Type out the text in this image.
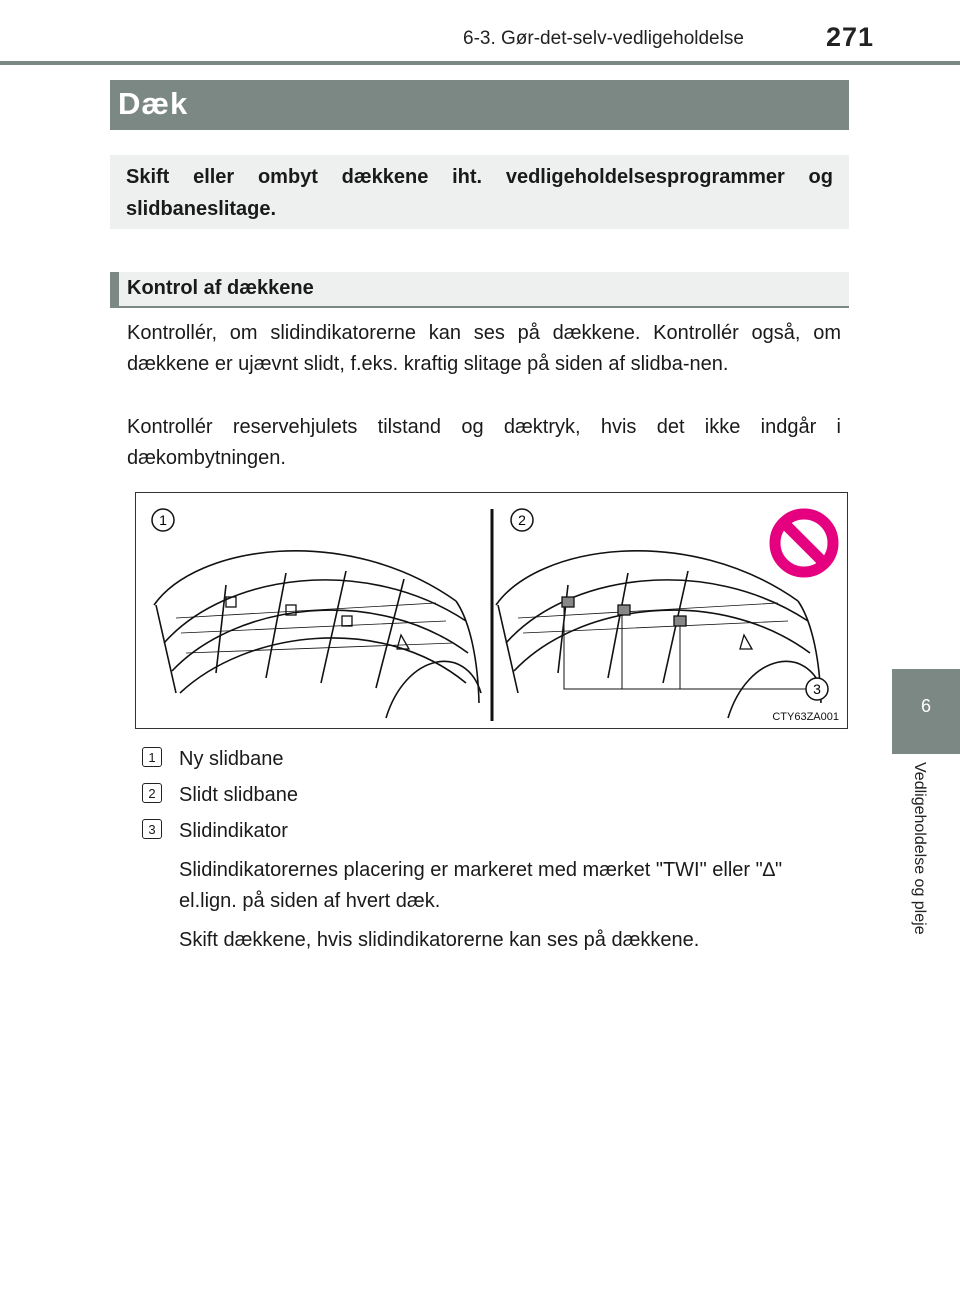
6-3. Gør-det-selv-vedligeholdelse	271
Dæk
Skift eller ombyt dækkene iht. vedligeholdelsesprogrammer og slidbaneslitage.
Kontrol af dækkene

Kontrollér, om slidindikatorerne kan ses på dækkene. Kontrollér også, om dækkene er ujævnt slidt, f.eks. kraftig slitage på siden af slidba-nen.

Kontrollér reservehjulets tilstand og dæktryk, hvis det ikke indgår i dækombytningen.

1	2
3
CTY63ZA001
1	Ny slidbane
2	Slidt slidbane
3	Slidindikator

Slidindikatorernes placering er markeret med mærket "TWI" eller "∆" el.lign. på siden af hvert dæk.

Skift dækkene, hvis slidindikatorerne kan ses på dækkene.

6
Vedligeholdelse og pleje
